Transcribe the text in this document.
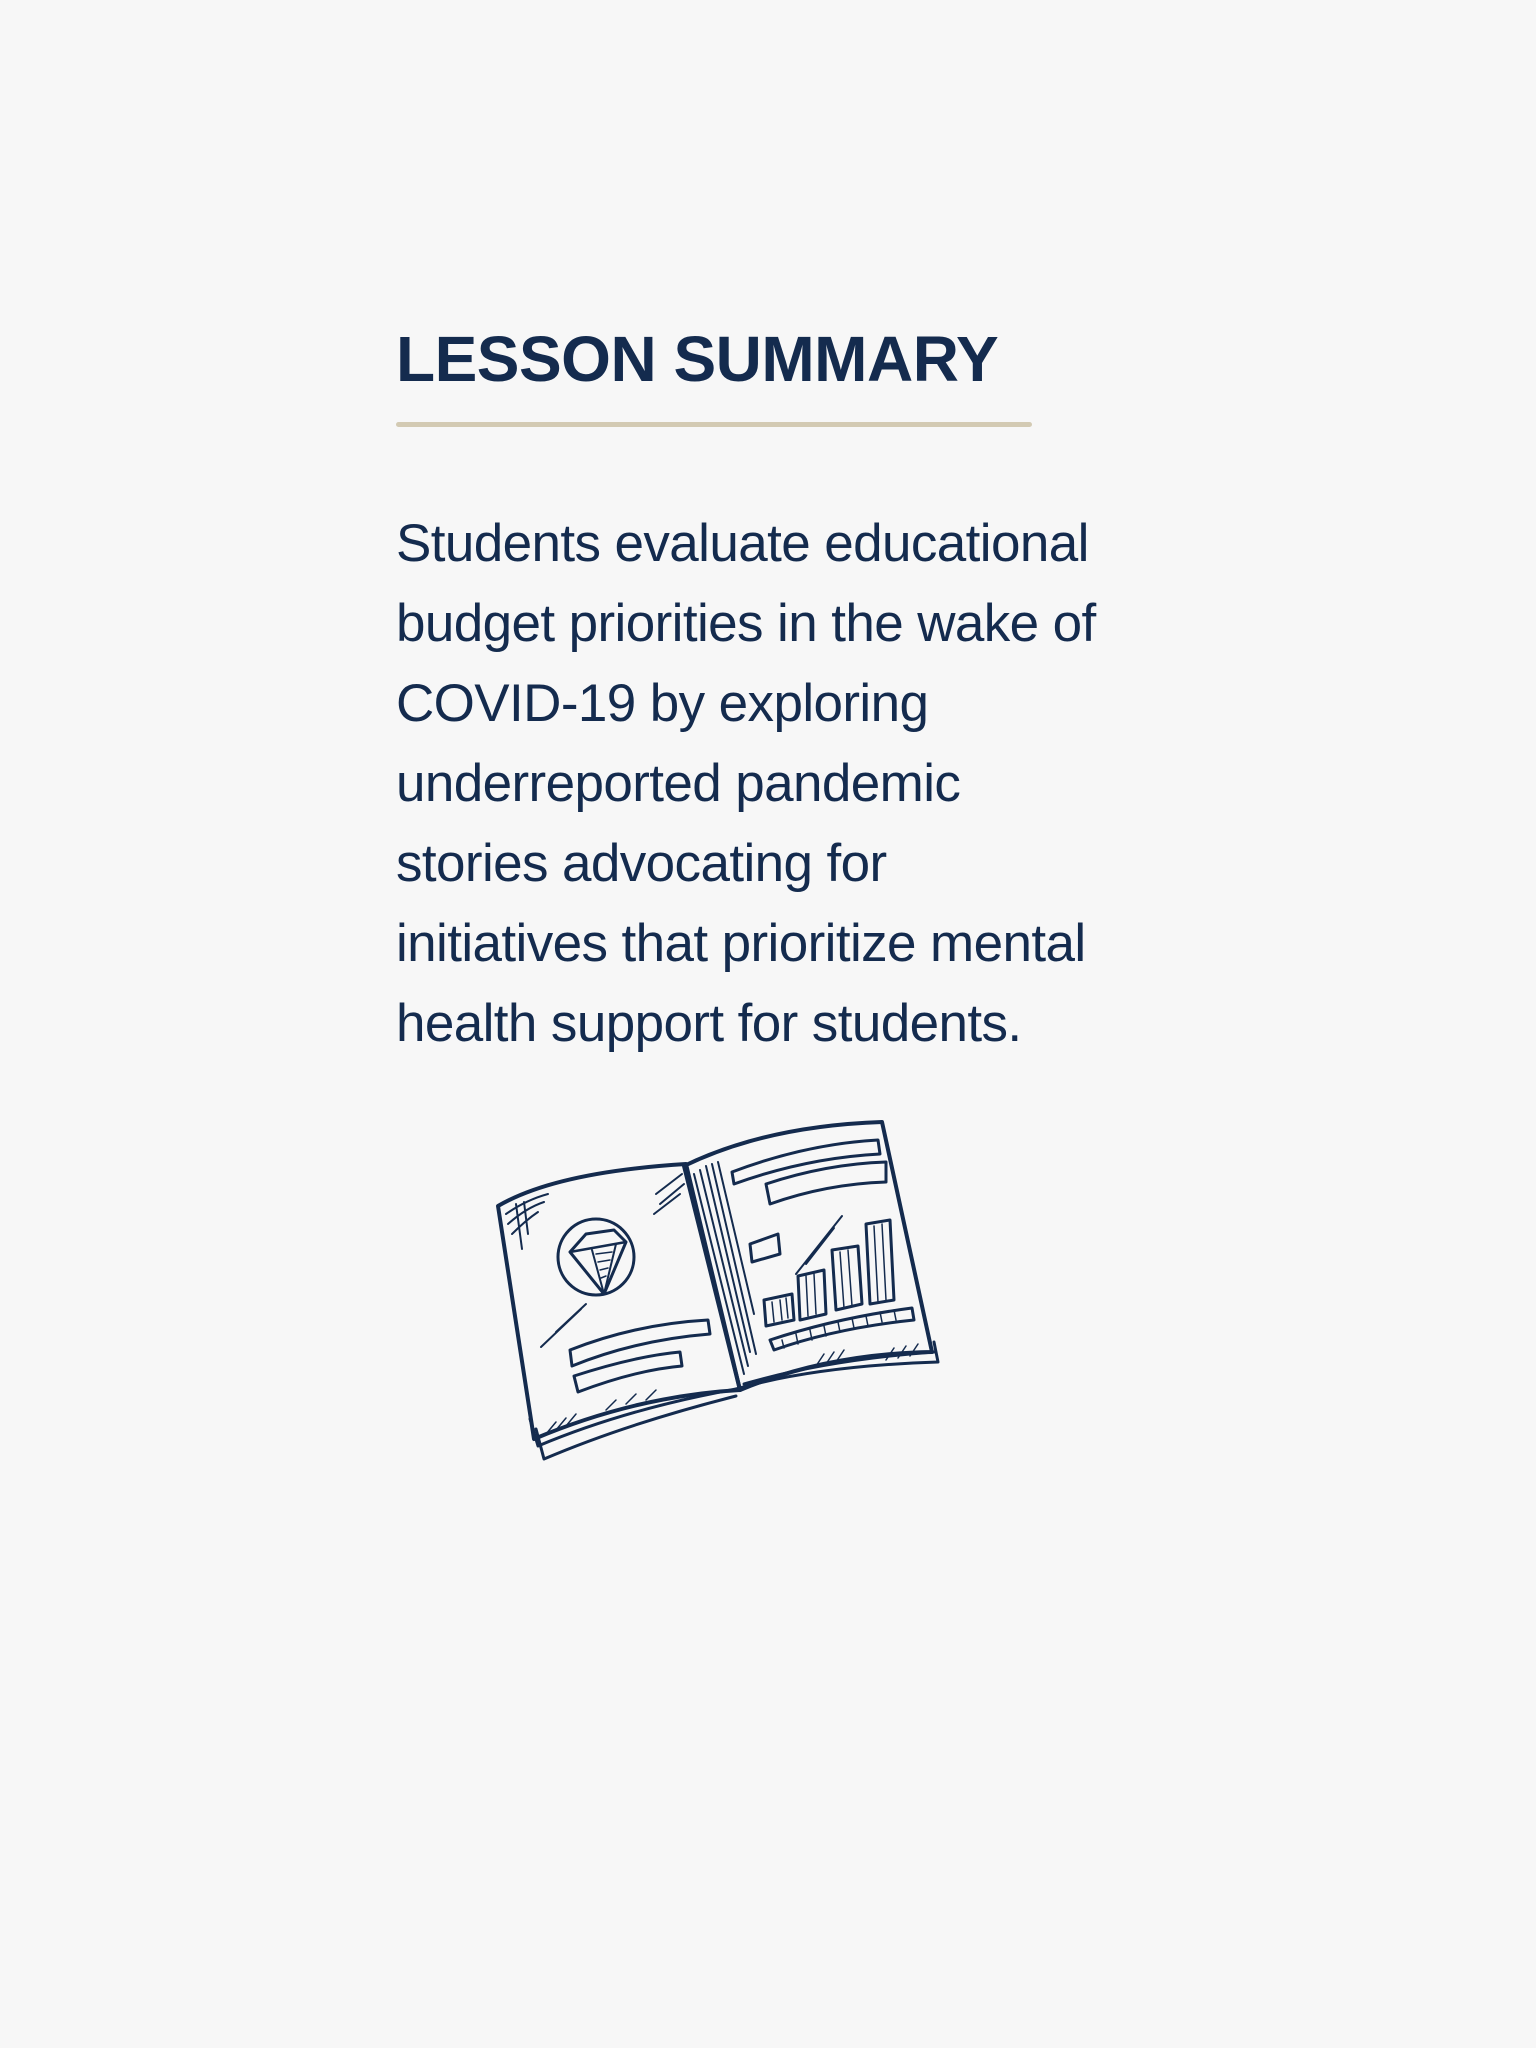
LESSON SUMMARY

Students evaluate educational
budget priorities in the wake of
COVID-19 by exploring
underreported pandemic
stories advocating for
initiatives that prioritize mental
health support for students.
